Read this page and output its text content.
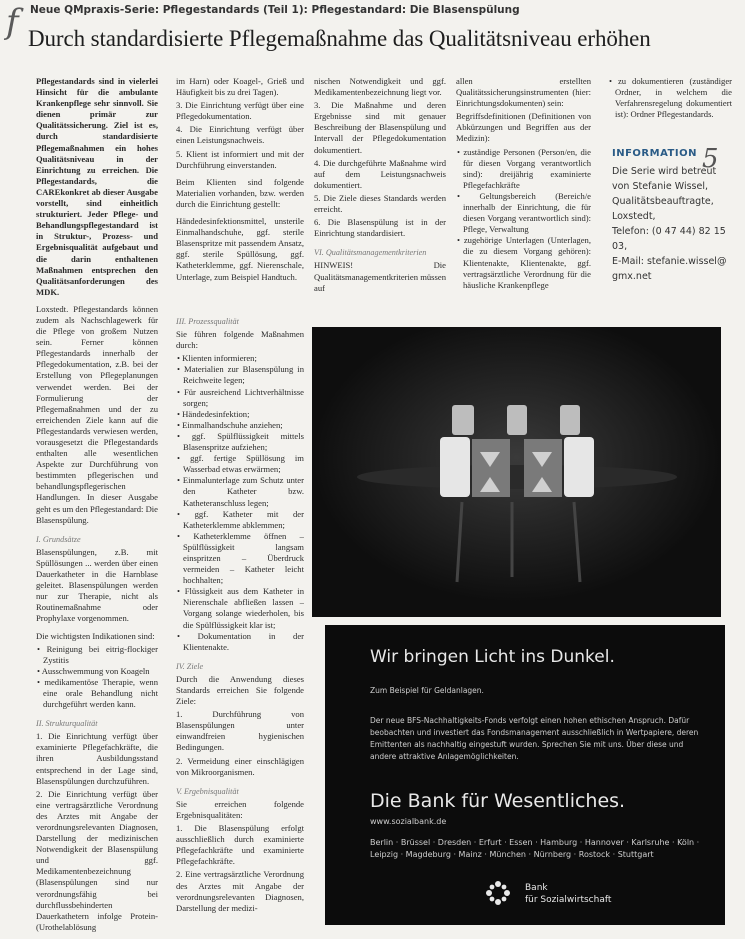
f Neue QMpraxis-Serie: Pflegestandards (Teil 1): Pflegestandard: Die Blasenspülung
Durch standardisierte Pflegemaßnahme das Qualitätsniveau erhöhen

Pflegestandards sind in vielerlei Hinsicht für die ambulante Krankenpflege sehr sinnvoll. Sie dienen primär zur Qualitätssicherung. Ziel ist es, durch standardisierte Pflegemaßnahmen ein hohes Qualitätsniveau in der Einrichtung zu erreichen. Die Pflegestandards, die CAREkonkret ab dieser Ausgabe vorstellt, sind einheitlich strukturiert. Jeder Pflege- und Behandlungspflegestandard ist in Struktur-, Prozess- und Ergebnisqualität aufgebaut und die darin enthaltenen Maßnahmen entsprechen den Qualitätsanforderungen des MDK.

Loxstedt. Pflegestandards können zudem als Nachschlagewerk für die Pflege von großem Nutzen sein. Ferner können Pflegestandards innerhalb der Pflegedokumentation, z.B. bei der Erstellung von Pflegeplanungen verwendet werden. Bei der Formulierung der Pflegemaßnahmen und der zu erreichenden Ziele kann auf die Pflegestandards verwiesen werden, vorausgesetzt die Pflegestandards enthalten alle wesentlichen Aspekte zur Durchführung von bestimmten pflegerischen und behandlungspflegerischen Handlungen. In dieser Ausgabe geht es um den Pflegestandard: Die Blasenspülung.

I. Grundsätze

Blasenspülungen, z.B. mit Spüllösungen ... werden über einen Dauerkatheter in die Harnblase geleitet. Blasenspülungen werden nur zur Therapie, nicht als Routinemaßnahme oder Prophylaxe vorgenommen.

Die wichtigsten Indikationen sind:

• Reinigung bei eitrig-flockiger Zystitis
• Ausschwemmung von Koageln
• medikamentöse Therapie, wenn eine orale Behandlung nicht durchgeführt werden kann.

II. Strukturqualität

1. Die Einrichtung verfügt über examinierte Pflegefachkräfte, die ihren Ausbildungsstand entsprechend in der Lage sind, Blasenspülungen durchzuführen.

2. Die Einrichtung verfügt über eine vertragsärztliche Verordnung des Arztes mit Angabe der verordnungsrelevanten Diagnosen, Darstellung der medizinischen Notwendigkeit der Blasenspülung und ggf. Medikamentenbezeichnung (Blasenspülungen sind nur verordnungsfähig bei durchflussbehinderten Dauerkathetern infolge Protein- (Urothelablösung

im Harn) oder Koagel-, Grieß und Häufigkeit bis zu drei Tagen).

3. Die Einrichtung verfügt über eine Pflegedokumentation.

4. Die Einrichtung verfügt über einen Leistungsnachweis.

5. Klient ist informiert und mit der Durchführung einverstanden.

Beim Klienten sind folgende Materialien vorhanden, bzw. werden durch die Einrichtung gestellt:

Händedesinfektionsmittel, unsterile Einmalhandschuhe, ggf. sterile Blasenspritze mit passendem Ansatz, ggf. sterile Spüllösung, ggf. Katheterklemme, ggf. Nierenschale, Unterlage, zum Beispiel Handtuch.

III. Prozessqualität

Sie führen folgende Maßnahmen durch:

• Klienten informieren;
• Materialien zur Blasenspülung in Reichweite legen;
• Für ausreichend Lichtverhältnisse sorgen;
• Händedesinfektion;
• Einmalhandschuhe anziehen;
• ggf. Spülflüssigkeit mittels Blasenspritze aufziehen;
• ggf. fertige Spüllösung im Wasserbad etwas erwärmen;
• Einmalunterlage zum Schutz unter den Katheter bzw. Katheteranschluss legen;
• ggf. Katheter mit der Katheterklemme abklemmen;
• Katheterklemme öffnen – Spülflüssigkeit langsam einspritzen – Überdruck vermeiden – Katheter leicht hochhalten;
• Flüssigkeit aus dem Katheter in Nierenschale abfließen lassen – Vorgang solange wiederholen, bis die Spülflüssigkeit klar ist;
• Dokumentation in der Klientenakte.

IV. Ziele

Durch die Anwendung dieses Standards erreichen Sie folgende Ziele:

1. Durchführung von Blasenspülungen unter einwandfreien hygienischen Bedingungen.

2. Vermeidung einer einschlägigen von Mikroorganismen.

V. Ergebnisqualität

Sie erreichen folgende Ergebnisqualitäten:

1. Die Blasenspülung erfolgt ausschließlich durch examinierte Pflegefachkräfte und examinierte Pflegefachkräfte.

2. Eine vertragsärztliche Verordnung des Arztes mit Angabe der verordnungsrelevanten Diagnosen, Darstellung der medizi-

nischen Notwendigkeit und ggf. Medikamentenbezeichnung liegt vor.

3. Die Maßnahme und deren Ergebnisse sind mit genauer Beschreibung der Blasenspülung und Intervall der Pflegedokumentation dokumentiert.

4. Die durchgeführte Maßnahme wird auf dem Leistungsnachweis dokumentiert.

5. Die Ziele dieses Standards werden erreicht.

6. Die Blasenspülung ist in der Einrichtung standardisiert.

VI. Qualitätsmanagementkriterien

HINWEIS! Die Qualitätsmanagementkriterien müssen auf

allen erstellten Qualitätssicherungsinstrumenten (hier: Einrichtungsdokumenten) sein:

Begriffsdefinitionen (Definitionen von Abkürzungen und Begriffen aus der Medizin):

• zuständige Personen (Person/en, die für diesen Vorgang verantwortlich sind): dreijährig examinierte Pflegefachkräfte
• Geltungsbereich (Bereich/e innerhalb der Einrichtung, die für diesen Vorgang verantwortlich sind): Pflege, Verwaltung
• zugehörige Unterlagen (Unterlagen, die zu diesem Vorgang gehören): Klientenakte, Klientenakte, ggf. vertragsärztliche Verordnung für die häusliche Krankenpflege
• zu dokumentieren (zuständiger Ordner, in welchem die Verfahrensregelung dokumentiert ist): Ordner Pflegestandards.
INFORMATION
Die Serie wird betreut
von Stefanie Wissel,
Qualitätsbeauftragte,
Loxstedt,
Telefon: (0 47 44) 82 15 03,
E-Mail: stefanie.wissel@
gmx.net
5
Wir bringen Licht ins Dunkel.
Zum Beispiel für Geldanlagen.
Der neue BFS-Nachhaltigkeits-Fonds verfolgt einen hohen ethischen Anspruch. Dafür beobachten und investiert das Fondsmanagement ausschließlich in Wertpapiere, deren Emittenten als nachhaltig eingestuft wurden. Sprechen Sie mit uns. Über diese und andere attraktive Anlagemöglichkeiten.
Die Bank für Wesentliches.
www.sozialbank.de
Berlin · Brüssel · Dresden · Erfurt · Essen · Hamburg · Hannover · Karlsruhe · Köln · Leipzig · Magdeburg · Mainz · München · Nürnberg · Rostock · Stuttgart
Bank
für Sozialwirtschaft
